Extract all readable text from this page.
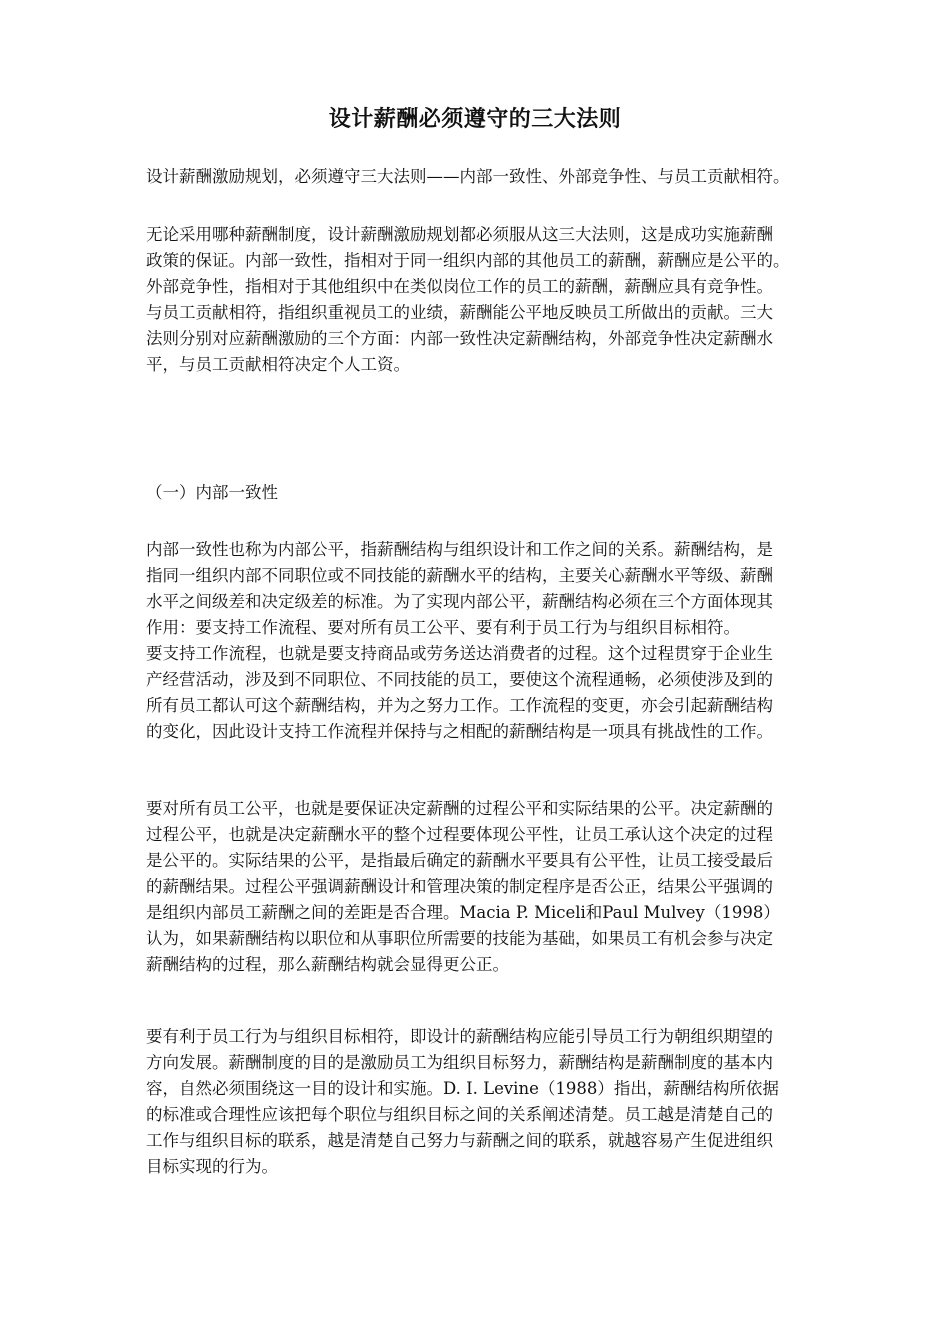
设计薪酬必须遵守的三大法则
设计薪酬激励规划，必须遵守三大法则——内部一致性、外部竞争性、与员工贡献相符。
无论采用哪种薪酬制度，设计薪酬激励规划都必须服从这三大法则，这是成功实施薪酬
政策的保证。内部一致性，指相对于同一组织内部的其他员工的薪酬，薪酬应是公平的。
外部竞争性，指相对于其他组织中在类似岗位工作的员工的薪酬，薪酬应具有竞争性。
与员工贡献相符，指组织重视员工的业绩，薪酬能公平地反映员工所做出的贡献。三大
法则分别对应薪酬激励的三个方面：内部一致性决定薪酬结构，外部竞争性决定薪酬水
平，与员工贡献相符决定个人工资。
（一）内部一致性
内部一致性也称为内部公平，指薪酬结构与组织设计和工作之间的关系。薪酬结构，是
指同一组织内部不同职位或不同技能的薪酬水平的结构，主要关心薪酬水平等级、薪酬
水平之间级差和决定级差的标准。为了实现内部公平，薪酬结构必须在三个方面体现其
作用：要支持工作流程、要对所有员工公平、要有利于员工行为与组织目标相符。
要支持工作流程，也就是要支持商品或劳务送达消费者的过程。这个过程贯穿于企业生
产经营活动，涉及到不同职位、不同技能的员工，要使这个流程通畅，必须使涉及到的
所有员工都认可这个薪酬结构，并为之努力工作。工作流程的变更，亦会引起薪酬结构
的变化，因此设计支持工作流程并保持与之相配的薪酬结构是一项具有挑战性的工作。
要对所有员工公平，也就是要保证决定薪酬的过程公平和实际结果的公平。决定薪酬的
过程公平，也就是决定薪酬水平的整个过程要体现公平性，让员工承认这个决定的过程
是公平的。实际结果的公平，是指最后确定的薪酬水平要具有公平性，让员工接受最后
的薪酬结果。过程公平强调薪酬设计和管理决策的制定程序是否公正，结果公平强调的
是组织内部员工薪酬之间的差距是否合理。Macia P. Miceli和Paul Mulvey（1998）
认为，如果薪酬结构以职位和从事职位所需要的技能为基础，如果员工有机会参与决定
薪酬结构的过程，那么薪酬结构就会显得更公正。
要有利于员工行为与组织目标相符，即设计的薪酬结构应能引导员工行为朝组织期望的
方向发展。薪酬制度的目的是激励员工为组织目标努力，薪酬结构是薪酬制度的基本内
容，自然必须围绕这一目的设计和实施。D. I. Levine（1988）指出，薪酬结构所依据
的标准或合理性应该把每个职位与组织目标之间的关系阐述清楚。员工越是清楚自己的
工作与组织目标的联系，越是清楚自己努力与薪酬之间的联系，就越容易产生促进组织
目标实现的行为。
